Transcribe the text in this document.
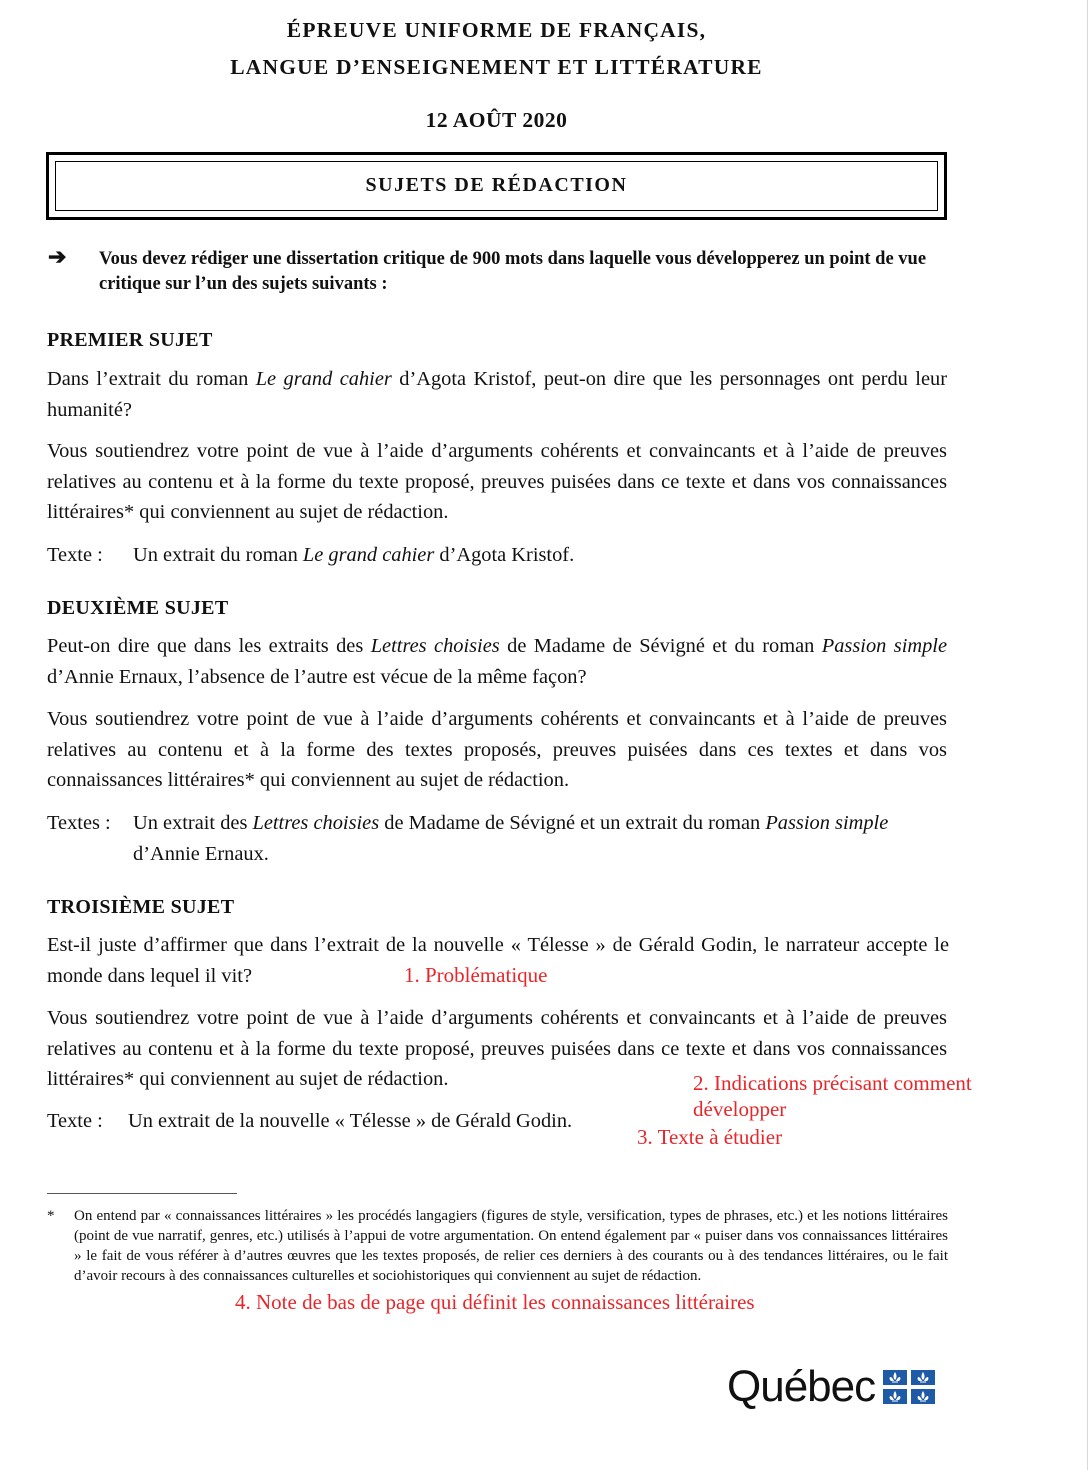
ÉPREUVE UNIFORME DE FRANÇAIS,
LANGUE D’ENSEIGNEMENT ET LITTÉRATURE
12 AOÛT 2020
SUJETS DE RÉDACTION
➔ Vous devez rédiger une dissertation critique de 900 mots dans laquelle vous développerez un point de vue critique sur l’un des sujets suivants :
PREMIER SUJET
Dans l’extrait du roman Le grand cahier d’Agota Kristof, peut-on dire que les personnages ont perdu leur humanité?
Vous soutiendrez votre point de vue à l’aide d’arguments cohérents et convaincants et à l’aide de preuves relatives au contenu et à la forme du texte proposé, preuves puisées dans ce texte et dans vos connaissances littéraires* qui conviennent au sujet de rédaction.
Texte : Un extrait du roman Le grand cahier d’Agota Kristof.
DEUXIÈME SUJET
Peut-on dire que dans les extraits des Lettres choisies de Madame de Sévigné et du roman Passion simple d’Annie Ernaux, l’absence de l’autre est vécue de la même façon?
Vous soutiendrez votre point de vue à l’aide d’arguments cohérents et convaincants et à l’aide de preuves relatives au contenu et à la forme des textes proposés, preuves puisées dans ces textes et dans vos connaissances littéraires* qui conviennent au sujet de rédaction.
Textes : Un extrait des Lettres choisies de Madame de Sévigné et un extrait du roman Passion simple

d’Annie Ernaux.
TROISIÈME SUJET
Est-il juste d’affirmer que dans l’extrait de la nouvelle « Télesse » de Gérald Godin, le narrateur accepte le monde dans lequel il vit?
Vous soutiendrez votre point de vue à l’aide d’arguments cohérents et convaincants et à l’aide de preuves relatives au contenu et à la forme du texte proposé, preuves puisées dans ce texte et dans vos connaissances littéraires* qui conviennent au sujet de rédaction.
Texte : Un extrait de la nouvelle « Télesse » de Gérald Godin.
1. Problématique
2. Indications précisant comment
développer
3. Texte à étudier
4. Note de bas de page qui définit les connaissances littéraires
* On entend par « connaissances littéraires » les procédés langagiers (figures de style, versification, types de phrases, etc.) et les notions littéraires (point de vue narratif, genres, etc.) utilisés à l’appui de votre argumentation. On entend également par « puiser dans vos connaissances littéraires » le fait de vous référer à d’autres œuvres que les textes proposés, de relier ces derniers à des courants ou à des tendances littéraires, ou le fait d’avoir recours à des connaissances culturelles et sociohistoriques qui conviennent au sujet de rédaction.
Québec
